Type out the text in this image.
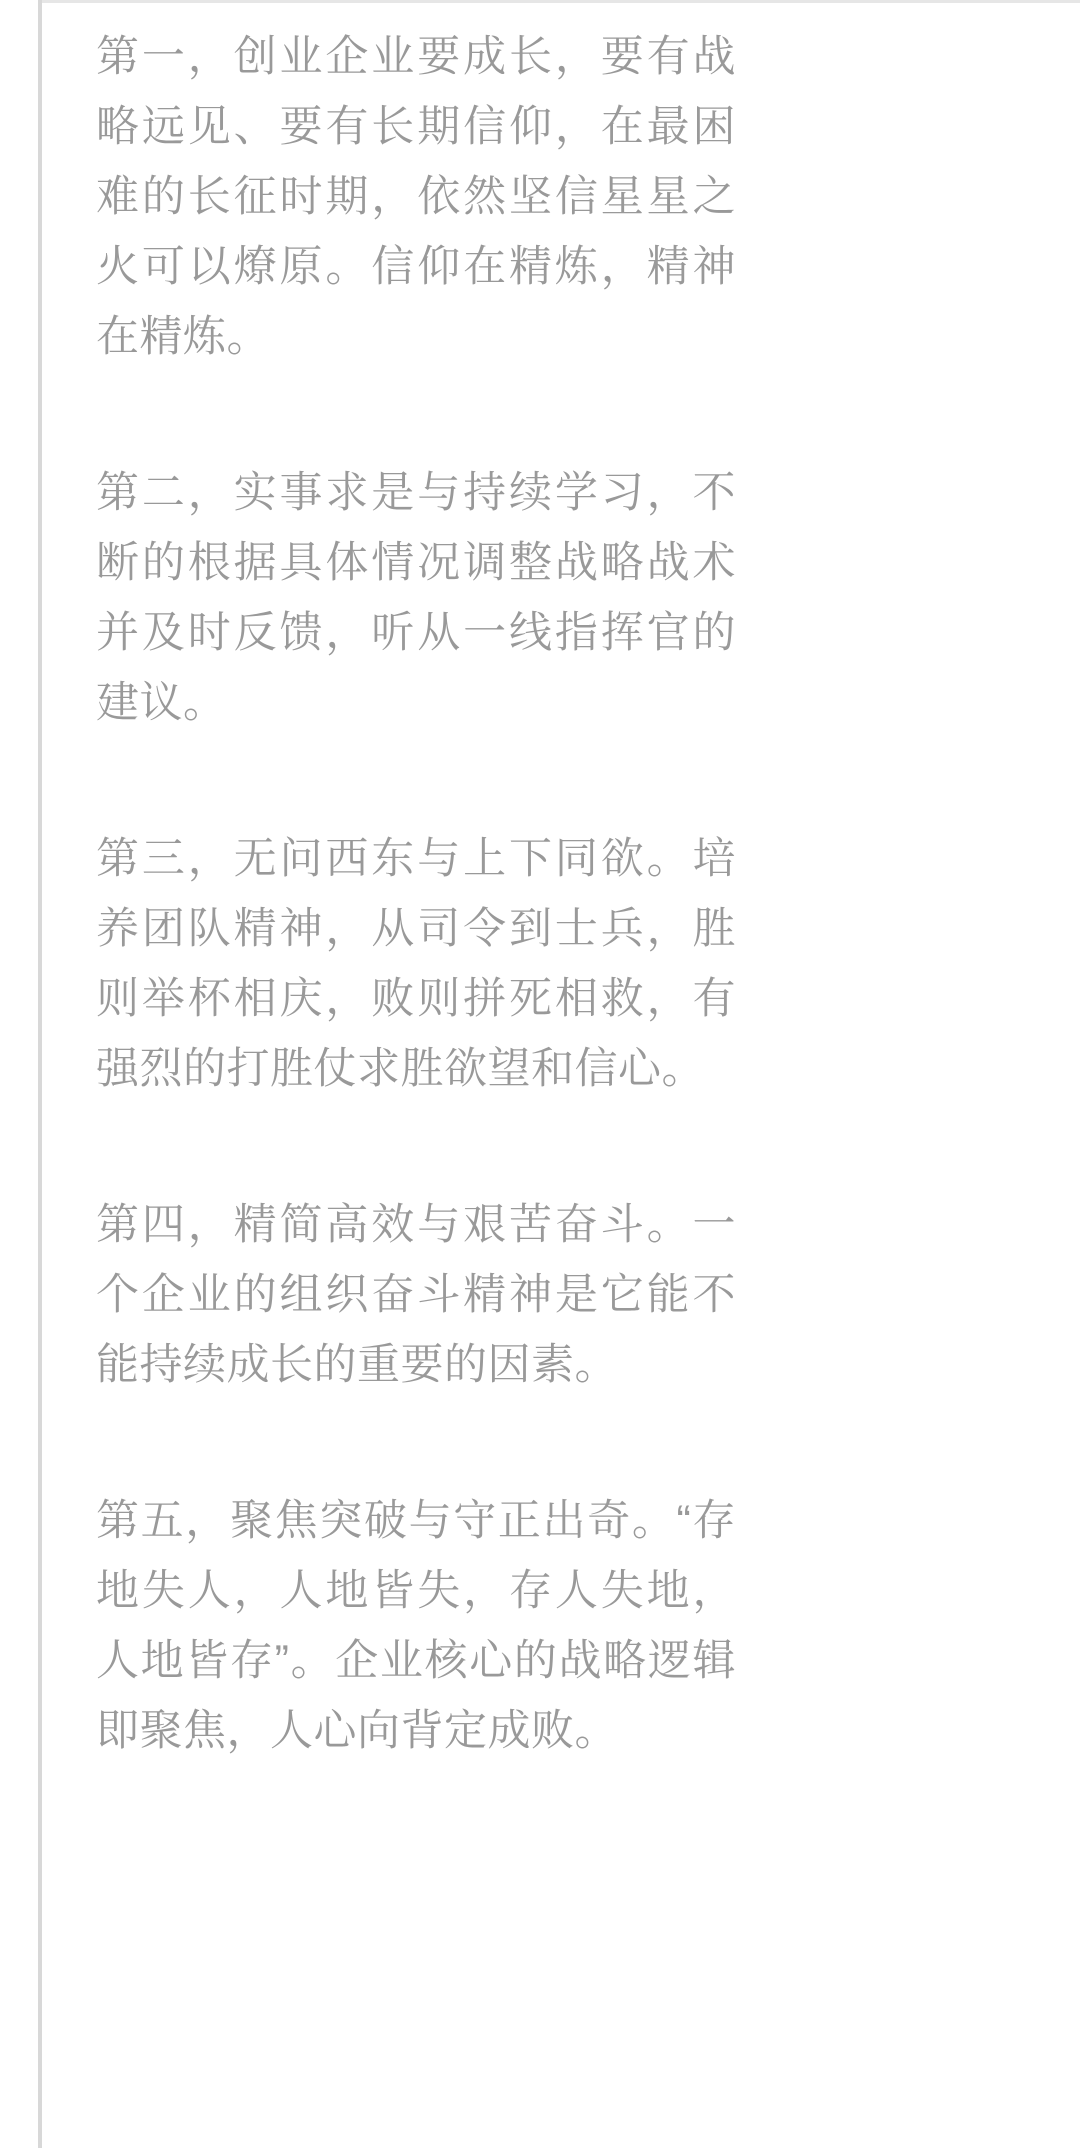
第一，创业企业要成长，要有战略远见、要有长期信仰，在最困难的长征时期，依然坚信星星之火可以燎原。信仰在精炼，精神在精炼。

第二，实事求是与持续学习，不断的根据具体情况调整战略战术并及时反馈，听从一线指挥官的建议。

第三，无问西东与上下同欲。培养团队精神，从司令到士兵，胜则举杯相庆，败则拼死相救，有强烈的打胜仗求胜欲望和信心。

第四，精简高效与艰苦奋斗。一个企业的组织奋斗精神是它能不能持续成长的重要的因素。

第五，聚焦突破与守正出奇。“存地失人，人地皆失，存人失地，人地皆存”。企业核心的战略逻辑即聚焦，人心向背定成败。
